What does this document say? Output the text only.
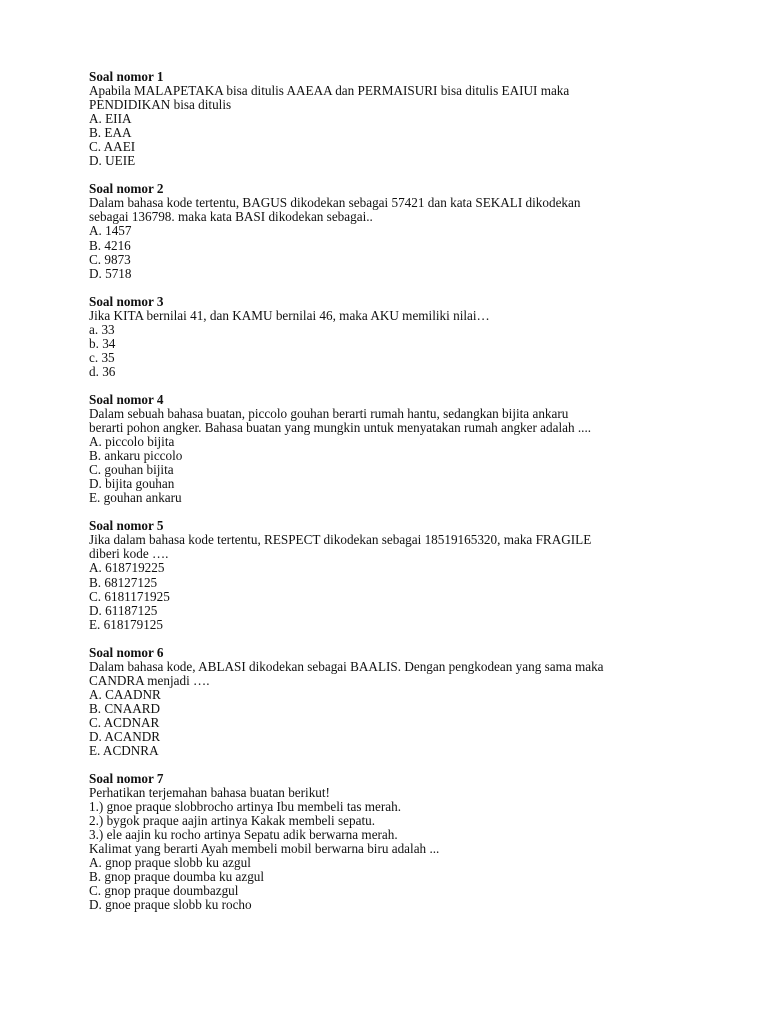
Soal nomor 1
Apabila MALAPETAKA bisa ditulis AAEAA dan PERMAISURI bisa ditulis EAIUI maka
PENDIDIKAN bisa ditulis
A. EIIA
B. EAA
C. AAEI
D. UEIE
Soal nomor 2
Dalam bahasa kode tertentu, BAGUS dikodekan sebagai 57421 dan kata SEKALI dikodekan
sebagai 136798. maka kata BASI dikodekan sebagai..
A. 1457
B. 4216
C. 9873
D. 5718
Soal nomor 3
Jika KITA bernilai 41, dan KAMU bernilai 46, maka AKU memiliki nilai…
a. 33
b. 34
c. 35
d. 36
Soal nomor 4
Dalam sebuah bahasa buatan, piccolo gouhan berarti rumah hantu, sedangkan bijita ankaru
berarti pohon angker. Bahasa buatan yang mungkin untuk menyatakan rumah angker adalah ....
A. piccolo bijita
B. ankaru piccolo
C. gouhan bijita
D. bijita gouhan
E. gouhan ankaru
Soal nomor 5
Jika dalam bahasa kode tertentu, RESPECT dikodekan sebagai 18519165320, maka FRAGILE
diberi kode ….
A. 618719225
B. 68127125
C. 6181171925
D. 61187125
E. 618179125
Soal nomor 6
Dalam bahasa kode, ABLASI dikodekan sebagai BAALIS. Dengan pengkodean yang sama maka
CANDRA menjadi ….
A. CAADNR
B. CNAARD
C. ACDNAR
D. ACANDR
E. ACDNRA
Soal nomor 7
Perhatikan terjemahan bahasa buatan berikut!
1.) gnoe praque slobbrocho artinya Ibu membeli tas merah.
2.) bygok praque aajin artinya Kakak membeli sepatu.
3.) ele aajin ku rocho artinya Sepatu adik berwarna merah.
Kalimat yang berarti Ayah membeli mobil berwarna biru adalah ...
A. gnop praque slobb ku azgul
B. gnop praque doumba ku azgul
C. gnop praque doumbazgul
D. gnoe praque slobb ku rocho
